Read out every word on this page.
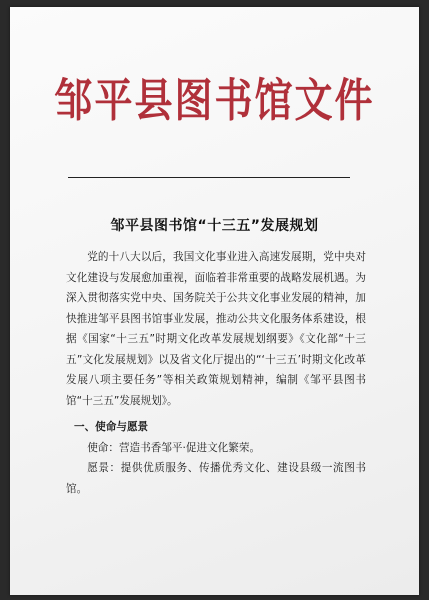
邹平县图书馆文件
邹平县图书馆“十三五”发展规划

党的十八大以后，我国文化事业进入高速发展期，党中央对文化建设与发展愈加重视，面临着非常重要的战略发展机遇。为深入贯彻落实党中央、国务院关于公共文化事业发展的精神，加快推进邹平县图书馆事业发展，推动公共文化服务体系建设，根据《国家“十三五”时期文化改革发展规划纲要》《文化部“十三五”文化发展规划》以及省文化厅提出的“‘十三五’时期文化改革发展八项主要任务”等相关政策规划精神，编制《邹平县图书馆“十三五”发展规划》。

一、使命与愿景

使命：营造书香邹平·促进文化繁荣。

愿景：提供优质服务、传播优秀文化、建设县级一流图书馆。
